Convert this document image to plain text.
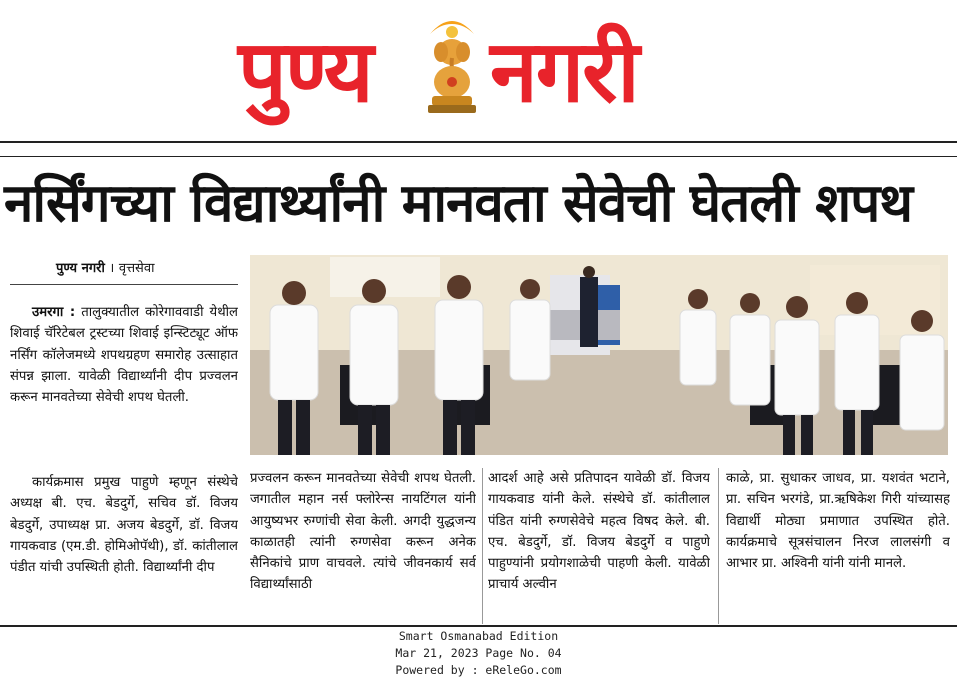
पुण्य नगरी
नर्सिंगच्या विद्यार्थ्यांनी मानवता सेवेची घेतली शपथ
पुण्य नगरी । वृत्तसेवा

उमरगा : तालुक्यातील कोरेगाववाडी येथील शिवाई चॅरिटेबल ट्रस्टच्या शिवाई इन्स्टिट्यूट ऑफ नर्सिंग कॉलेजमध्ये शपथग्रहण समारोह उत्साहात संपन्न झाला. यावेळी विद्यार्थ्यांनी दीप प्रज्वलन करून मानवतेच्या सेवेची शपथ घेतली.

कार्यक्रमास प्रमुख पाहुणे म्हणून संस्थेचे अध्यक्ष बी. एच. बेडदुर्गे, सचिव डॉ. विजय बेडदुर्गे, उपाध्यक्ष प्रा. अजय बेडदुर्गे, डॉ. विजय गायकवाड (एम.डी. होमिओपॅथी), डॉ. कांतीलाल पंडीत यांची उपस्थिती होती. विद्यार्थ्यांनी दीप

प्रज्वलन करून मानवतेच्या सेवेची शपथ घेतली. जगातील महान नर्स फ्लोरेन्स नायटिंगल यांनी आयुष्यभर रुग्णांची सेवा केली. अगदी युद्धजन्य काळातही त्यांनी रुग्णसेवा करून अनेक सैनिकांचे प्राण वाचवले. त्यांचे जीवनकार्य सर्व विद्यार्थ्यांसाठी

आदर्श आहे असे प्रतिपादन यावेळी डॉ. विजय गायकवाड यांनी केले. संस्थेचे डॉ. कांतीलाल पंडित यांनी रुग्णसेवेचे महत्व विषद केले. बी. एच. बेडदुर्गे, डॉ. विजय बेडदुर्गे व पाहुणे पाहुण्यांनी प्रयोगशाळेची पाहणी केली. यावेळी प्राचार्य अल्वीन

काळे, प्रा. सुधाकर जाधव, प्रा. यशवंत भटाने, प्रा. सचिन भरगंडे, प्रा.ऋषिकेश गिरी यांच्यासह विद्यार्थी मोठ्या प्रमाणात उपस्थित होते. कार्यक्रमाचे सूत्रसंचालन निरज लालसंगी व आभार प्रा. अश्विनी यांनी यांनी मानले.

Smart Osmanabad Edition
Mar 21, 2023 Page No. 04
Powered by : eReleGo.com
